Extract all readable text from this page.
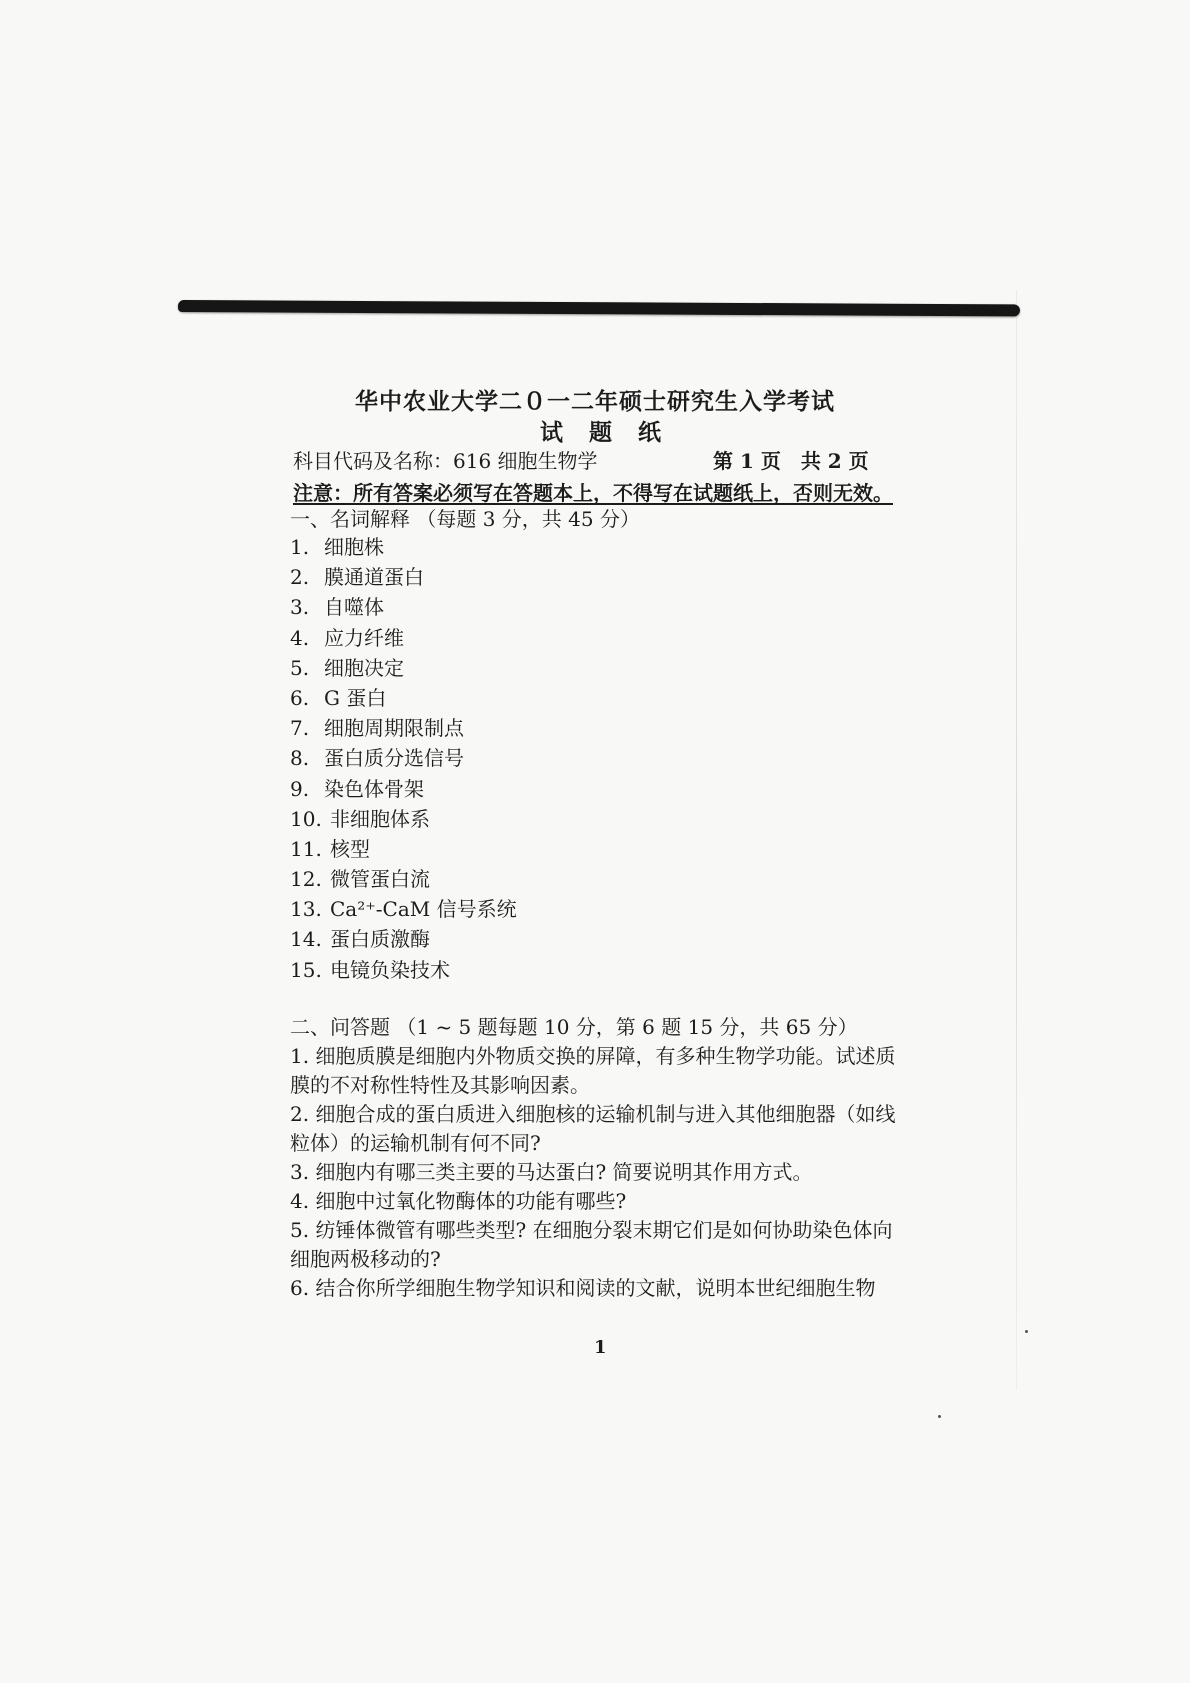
华中农业大学二０一二年硕士研究生入学考试
试 题 纸
科目代码及名称：616 细胞生物学	第 1 页　共 2 页
注意：所有答案必须写在答题本上，不得写在试题纸上，否则无效。
一、名词解释 （每题 3 分，共 45 分）
1. 细胞株
2. 膜通道蛋白
3. 自噬体
4. 应力纤维
5. 细胞决定
6. G 蛋白
7. 细胞周期限制点
8. 蛋白质分选信号
9. 染色体骨架
10. 非细胞体系
11. 核型
12. 微管蛋白流
13. Ca²⁺-CaM 信号系统
14. 蛋白质激酶
15. 电镜负染技术
二、问答题 （1 ~ 5 题每题 10 分，第 6 题 15 分，共 65 分）

1. 细胞质膜是细胞内外物质交换的屏障，有多种生物学功能。试述质膜的不对称性特性及其影响因素。

2. 细胞合成的蛋白质进入细胞核的运输机制与进入其他细胞器（如线粒体）的运输机制有何不同?

3. 细胞内有哪三类主要的马达蛋白? 简要说明其作用方式。

4. 细胞中过氧化物酶体的功能有哪些?

5. 纺锤体微管有哪些类型? 在细胞分裂末期它们是如何协助染色体向细胞两极移动的?

6. 结合你所学细胞生物学知识和阅读的文献，说明本世纪细胞生物

1
